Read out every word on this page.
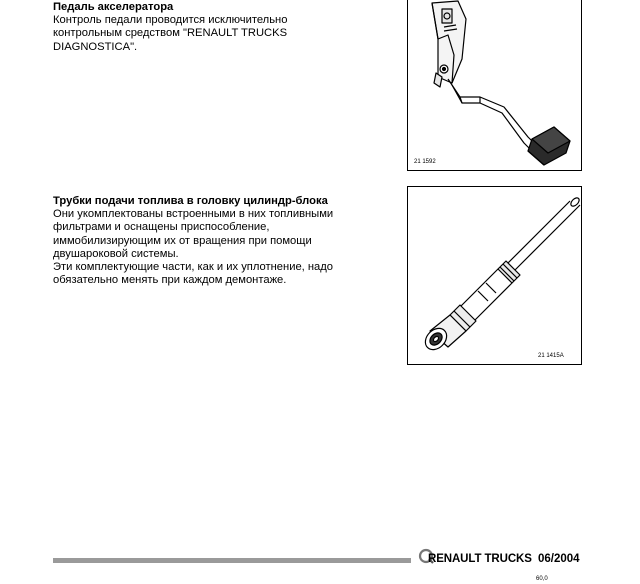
Педаль акселератора

Контроль педали проводится исключительно
контрольным средством "RENAULT TRUCKS
DIAGNOSTICA".

21 1592
Трубки подачи топлива в головку цилиндр-блока

Они укомплектованы встроенными в них топливными
фильтрами и оснащены приспособление,
иммобилизирующим их от вращения при помощи
двушароковой системы.
Эти комплектующие части, как и их уплотнение, надо
обязательно менять при каждом демонтаже.

21 1415A
RENAULT TRUCKS 06/2004
60,0
